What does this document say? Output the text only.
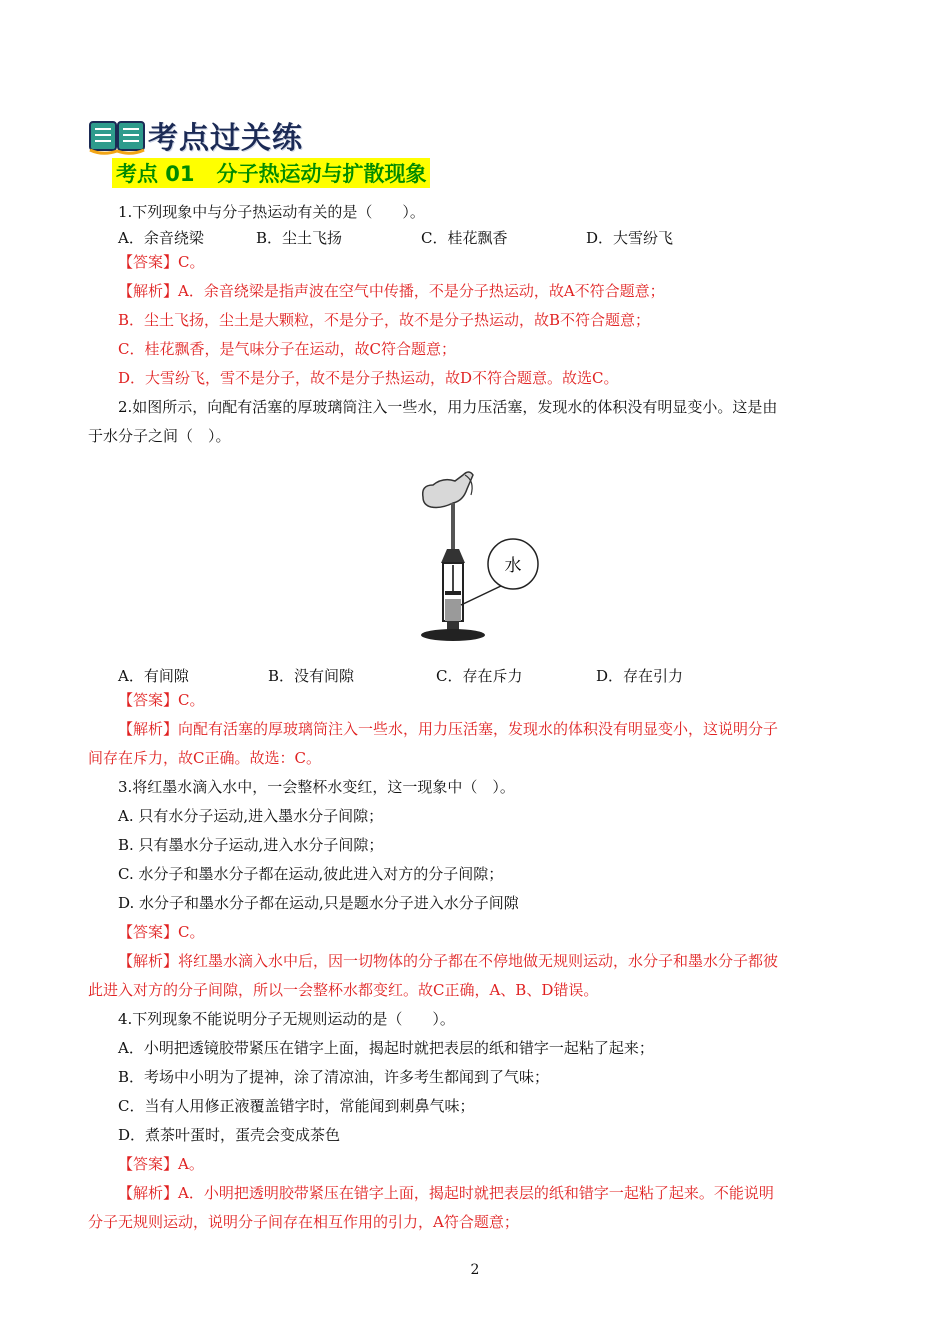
考点过关练
考点 01   分子热运动与扩散现象
1.下列现象中与分子热运动有关的是（　　）。
A．余音绕梁	B．尘土飞扬	C．桂花飘香	D．大雪纷飞
【答案】C。
【解析】A．余音绕梁是指声波在空气中传播，不是分子热运动，故A不符合题意；
B．尘土飞扬，尘土是大颗粒，不是分子，故不是分子热运动，故B不符合题意；
C．桂花飘香，是气味分子在运动，故C符合题意；
D．大雪纷飞，雪不是分子，故不是分子热运动，故D不符合题意。故选C。
2.如图所示，向配有活塞的厚玻璃筒注入一些水，用力压活塞，发现水的体积没有明显变小。这是由
于水分子之间（　）。
水
A．有间隙	B．没有间隙	C．存在斥力	D．存在引力
【答案】C。
【解析】向配有活塞的厚玻璃筒注入一些水，用力压活塞，发现水的体积没有明显变小，这说明分子
间存在斥力，故C正确。故选：C。
3.将红墨水滴入水中，一会整杯水变红，这一现象中（　）。
A. 只有水分子运动,进入墨水分子间隙；
B. 只有墨水分子运动,进入水分子间隙；
C. 水分子和墨水分子都在运动,彼此进入对方的分子间隙；
D. 水分子和墨水分子都在运动,只是题水分子进入水分子间隙
【答案】C。
【解析】将红墨水滴入水中后，因一切物体的分子都在不停地做无规则运动，水分子和墨水分子都彼
此进入对方的分子间隙，所以一会整杯水都变红。故C正确，A、B、D错误。
4.下列现象不能说明分子无规则运动的是（　　）。
A．小明把透镜胶带紧压在错字上面，揭起时就把表层的纸和错字一起粘了起来；
B．考场中小明为了提神，涂了清凉油，许多考生都闻到了气味；
C．当有人用修正液覆盖错字时，常能闻到刺鼻气味；
D．煮茶叶蛋时，蛋壳会变成茶色
【答案】A。
【解析】A．小明把透明胶带紧压在错字上面，揭起时就把表层的纸和错字一起粘了起来。不能说明
分子无规则运动，说明分子间存在相互作用的引力，A符合题意；
2
